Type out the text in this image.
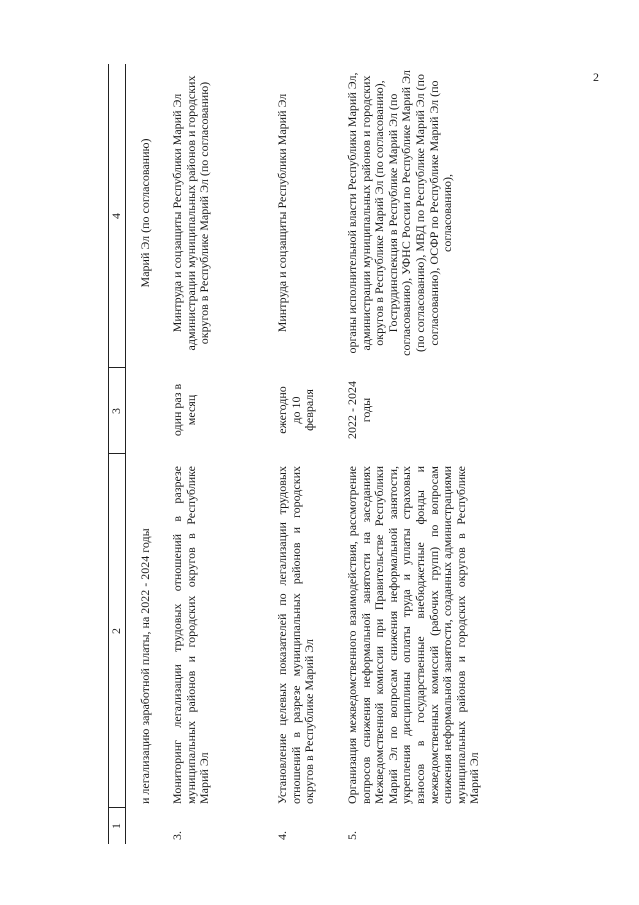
2
1
2
3
4
и легализацию заработной платы, на 2022 - 2024 годы
Марий Эл (по согласованию)
3.
Мониторинг легализации трудовых отношений в разрезе муниципальных районов и городских округов в Республике Марий Эл
один раз в месяц
Минтруда и соцзащиты Республики Марий Эл администрации муниципальных районов и городских округов в Республике Марий Эл (по согласованию)
4.
Установление целевых показателей по легализации трудовых отношений в разрезе муниципальных районов и городских округов в Республике Марий Эл
ежегодно до 10 февраля
Минтруда и соцзащиты Республики Марий Эл
5.
Организация межведомственного взаимодействия, рассмотрение вопросов снижения неформальной занятости на заседаниях Межведомственной комиссии при Правительстве Республики Марий Эл по вопросам снижения неформальной занятости, укрепления дисциплины оплаты труда и уплаты страховых взносов в государственные внебюджетные фонды и межведомственных комиссий (рабочих групп) по вопросам снижения неформальной занятости, созданных администрациями муниципальных районов и городских округов в Республике Марий Эл
2022 - 2024 годы
органы исполнительной власти Республики Марий Эл, администрации муниципальных районов и городских округов в Республике Марий Эл (по согласованию), Гострудинспекция в Республике Марий Эл (по согласованию), УФНС России по Республике Марий Эл (по согласованию), МВД по Республике Марий Эл (по согласованию), ОСФР по Республике Марий Эл (по согласованию),
